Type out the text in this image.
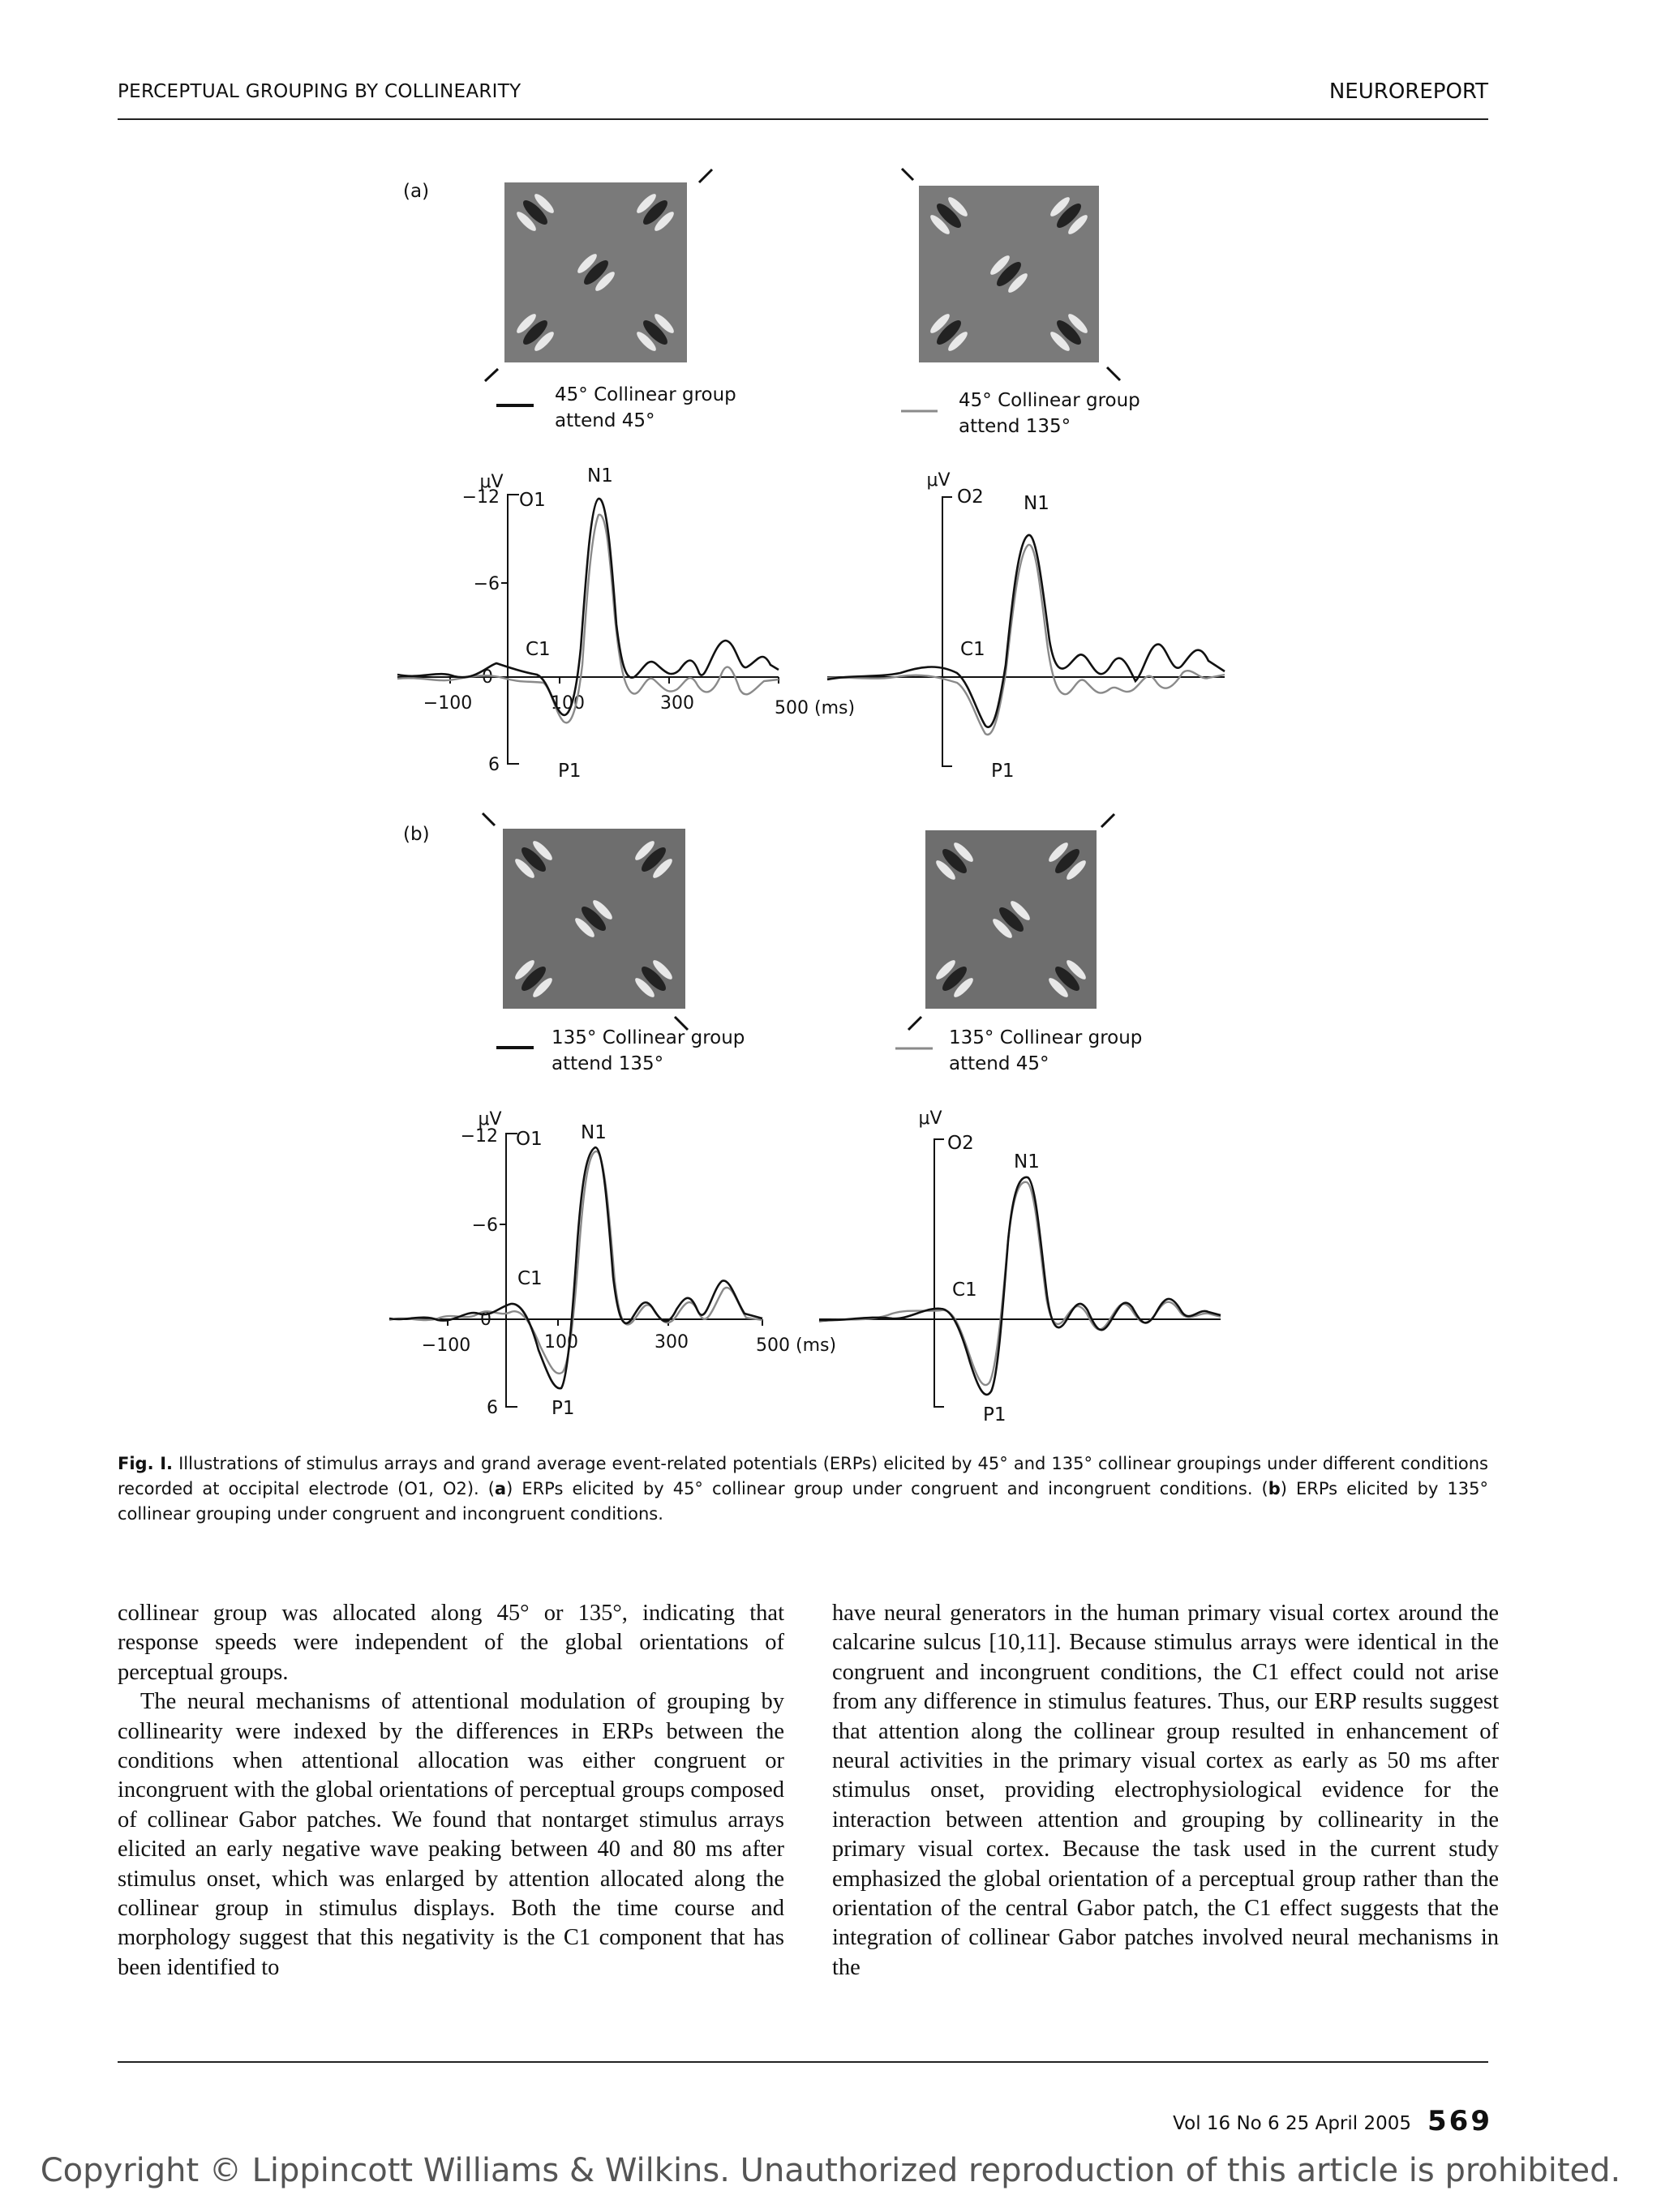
PERCEPTUAL GROUPING BY COLLINEARITY	NEUROREPORT
(a)
(b)
45° Collinear group
attend 45°
45° Collinear group
attend 135°
μV
−12
−6
0
6
−100	100	300	500 (ms)
O1
N1
C1
P1
μV
O2 N1
C1
P1
135° Collinear group
attend 135°
135° Collinear group
attend 45°
μV
−12
−6
0
6
−100	100	300	500 (ms)
O1 N1
C1
P1
μV
O2
N1
C1
P1
Fig. I. Illustrations of stimulus arrays and grand average event-related potentials (ERPs) elicited by 45° and 135° collinear groupings under different conditions recorded at occipital electrode (O1, O2). (a) ERPs elicited by 45° collinear group under congruent and incongruent conditions. (b) ERPs elicited by 135° collinear grouping under congruent and incongruent conditions.

collinear group was allocated along 45° or 135°, indicating that response speeds were independent of the global orientations of perceptual groups.

The neural mechanisms of attentional modulation of grouping by collinearity were indexed by the differences in ERPs between the conditions when attentional allocation was either congruent or incongruent with the global orientations of perceptual groups composed of collinear Gabor patches. We found that nontarget stimulus arrays elicited an early negative wave peaking between 40 and 80 ms after stimulus onset, which was enlarged by attention allocated along the collinear group in stimulus displays. Both the time course and morphology suggest that this negativity is the C1 component that has been identified to

have neural generators in the human primary visual cortex around the calcarine sulcus [10,11]. Because stimulus arrays were identical in the congruent and incongruent conditions, the C1 effect could not arise from any difference in stimulus features. Thus, our ERP results suggest that attention along the collinear group resulted in enhancement of neural activities in the primary visual cortex as early as 50 ms after stimulus onset, providing electrophysiological evidence for the interaction between attention and grouping by collinearity in the primary visual cortex. Because the task used in the current study emphasized the global orientation of a perceptual group rather than the orientation of the central Gabor patch, the C1 effect suggests that the integration of collinear Gabor patches involved neural mechanisms in the

Vol 16 No 6 25 April 2005 569
Copyright © Lippincott Williams & Wilkins. Unauthorized reproduction of this article is prohibited.
